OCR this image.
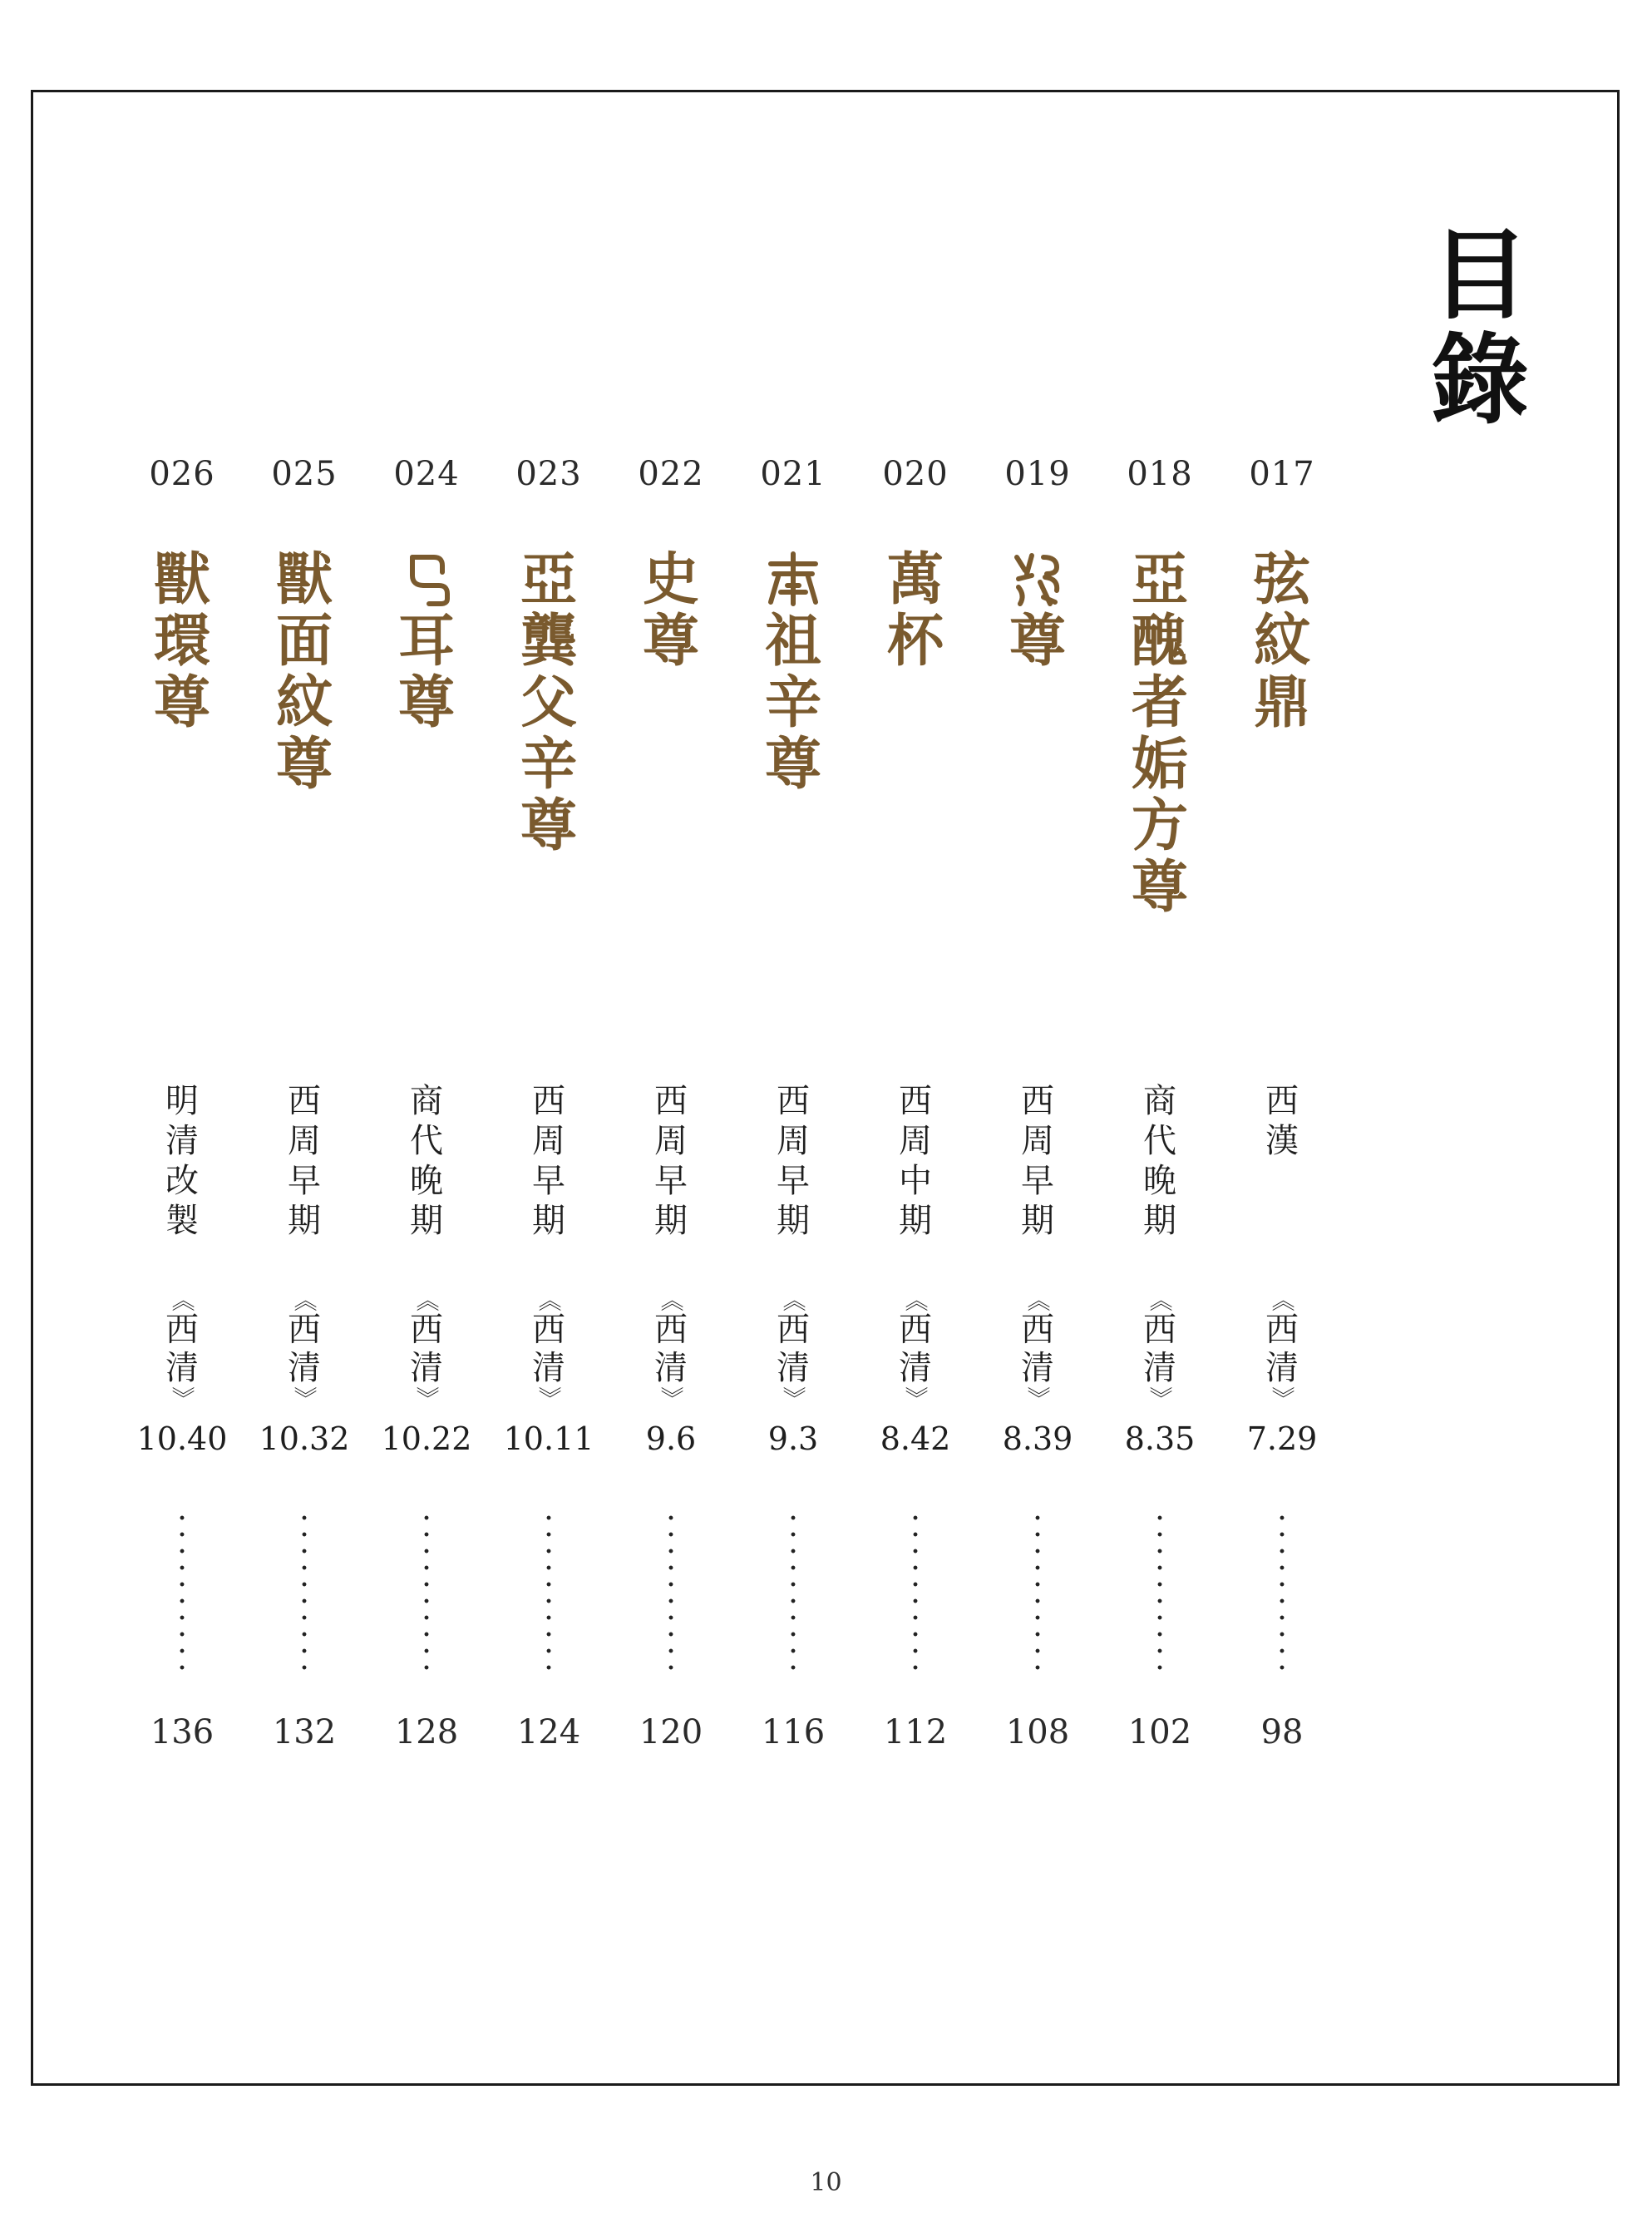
目錄
017
弦紋鼎
西漢
《
西清
》
7.29
98
018
亞醜者姤方尊
商代晚期
《
西清
》
8.35
102
019
尊
西周早期
《
西清
》
8.39
108
020
萬杯
西周中期
《
西清
》
8.42
112
021
祖辛尊
西周早期
《
西清
》
9.3
116
022
史尊
西周早期
《
西清
》
9.6
120
023
亞龔父辛尊
西周早期
《
西清
》
10.11
124
024
耳尊
商代晚期
《
西清
》
10.22
128
025
獸面紋尊
西周早期
《
西清
》
10.32
132
026
獸環尊
明清改製
《
西清
》
10.40
136
10
